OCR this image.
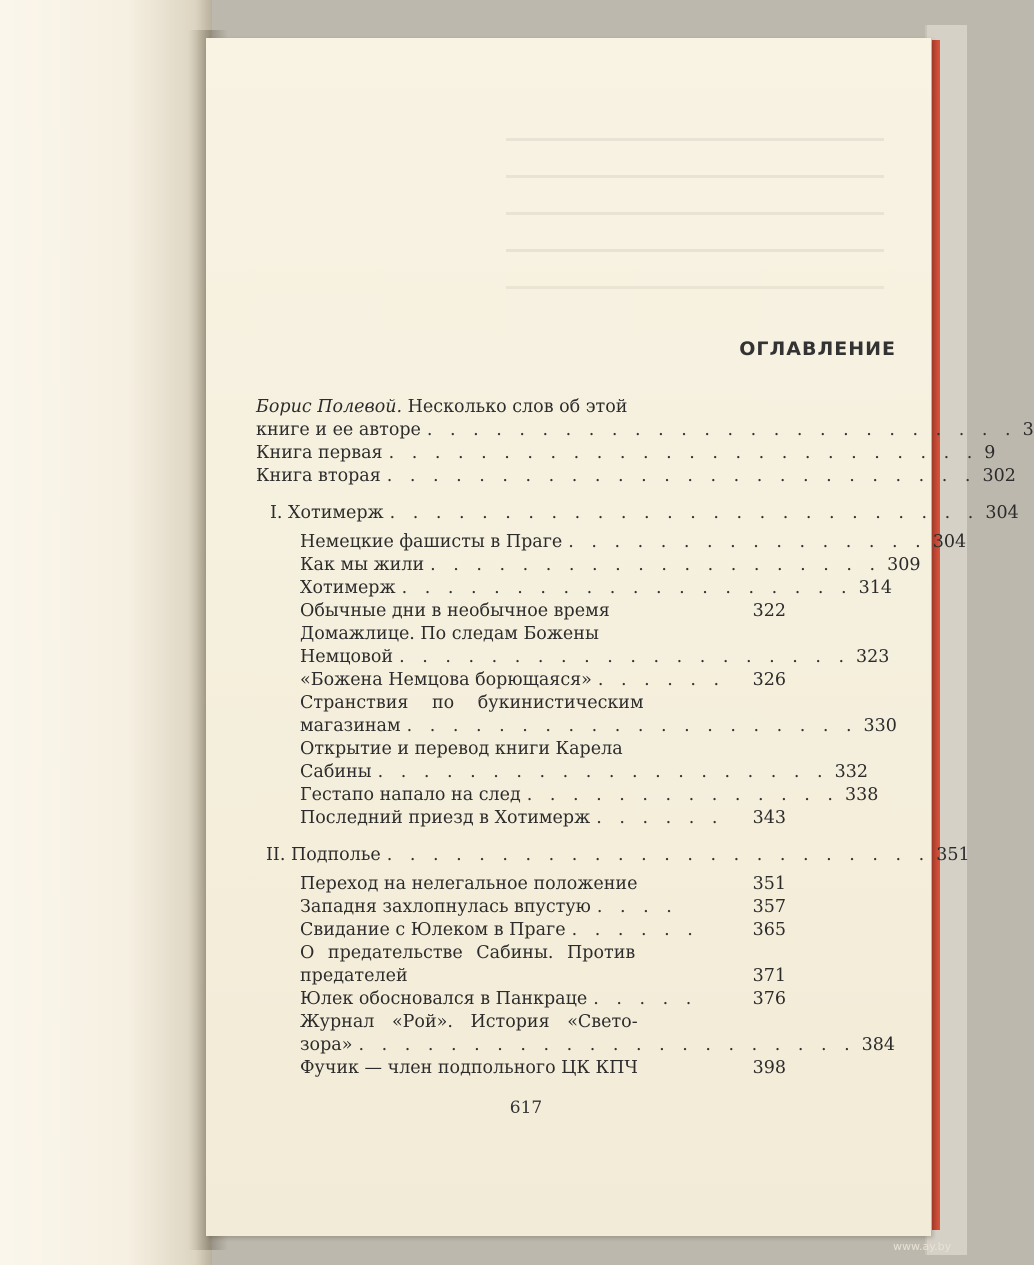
ОГЛАВЛЕНИЕ
Борис Полевой. Несколько слов об этой
книге и ее авторе . . . . . . . . . . . . . . . . . . . . . . . . . . 3
Книга первая . . . . . . . . . . . . . . . . . . . . . . . . . . 9
Книга вторая . . . . . . . . . . . . . . . . . . . . . . . . . . 302
I. Хотимерж . . . . . . . . . . . . . . . . . . . . . . . . . . 304
Немецкие фашисты в Праге . . . . . . . . . . . . . . . . 304
Как мы жили . . . . . . . . . . . . . . . . . . . . 309
Хотимерж . . . . . . . . . . . . . . . . . . . . 314
Обычные дни в необычное время	322
Домажлице. По следам Божены
Немцовой . . . . . . . . . . . . . . . . . . . . 323
«Божена Немцова борющаяся» . . . . . .	326
Странствия по букинистическим
магазинам . . . . . . . . . . . . . . . . . . . . 330
Открытие и перевод книги Карела
Сабины . . . . . . . . . . . . . . . . . . . . 332
Гестапо напало на след . . . . . . . . . . . . . . 338
Последний приезд в Хотимерж . . . . . .	343
II. Подполье . . . . . . . . . . . . . . . . . . . . . . . . 351
Переход на нелегальное положение	351
Западня захлопнулась впустую . . . .	357
Свидание с Юлеком в Праге . . . . . .	365
О предательстве Сабины. Против
предателей	371
Юлек обосновался в Панкраце . . . . .	376
Журнал «Рой». История «Свето-
зора» . . . . . . . . . . . . . . . . . . . . . . 384
Фучик — член подпольного ЦК КПЧ	398
617
www.ay.by
